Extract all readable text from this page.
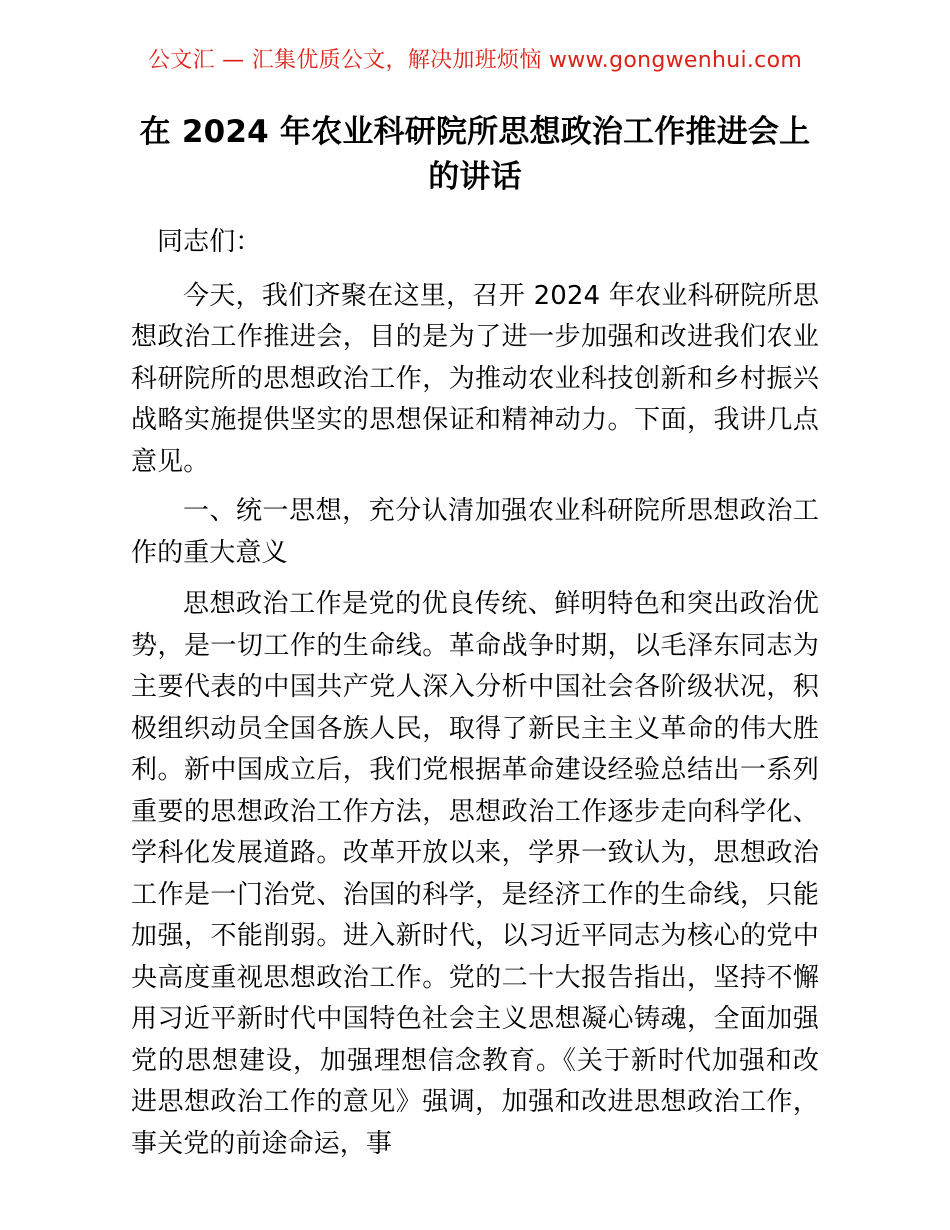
公文汇 — 汇集优质公文，解决加班烦恼 www.gongwenhui.com
在 2024 年农业科研院所思想政治工作推进会上的讲话

同志们：

今天，我们齐聚在这里，召开 2024 年农业科研院所思想政治工作推进会，目的是为了进一步加强和改进我们农业科研院所的思想政治工作，为推动农业科技创新和乡村振兴战略实施提供坚实的思想保证和精神动力。下面，我讲几点意见。

一、统一思想，充分认清加强农业科研院所思想政治工作的重大意义

思想政治工作是党的优良传统、鲜明特色和突出政治优势，是一切工作的生命线。革命战争时期，以毛泽东同志为主要代表的中国共产党人深入分析中国社会各阶级状况，积极组织动员全国各族人民，取得了新民主主义革命的伟大胜利。新中国成立后，我们党根据革命建设经验总结出一系列重要的思想政治工作方法，思想政治工作逐步走向科学化、学科化发展道路。改革开放以来，学界一致认为，思想政治工作是一门治党、治国的科学，是经济工作的生命线，只能加强，不能削弱。进入新时代，以习近平同志为核心的党中央高度重视思想政治工作。党的二十大报告指出，坚持不懈用习近平新时代中国特色社会主义思想凝心铸魂，全面加强党的思想建设，加强理想信念教育。《关于新时代加强和改进思想政治工作的意见》强调，加强和改进思想政治工作，事关党的前途命运，事
